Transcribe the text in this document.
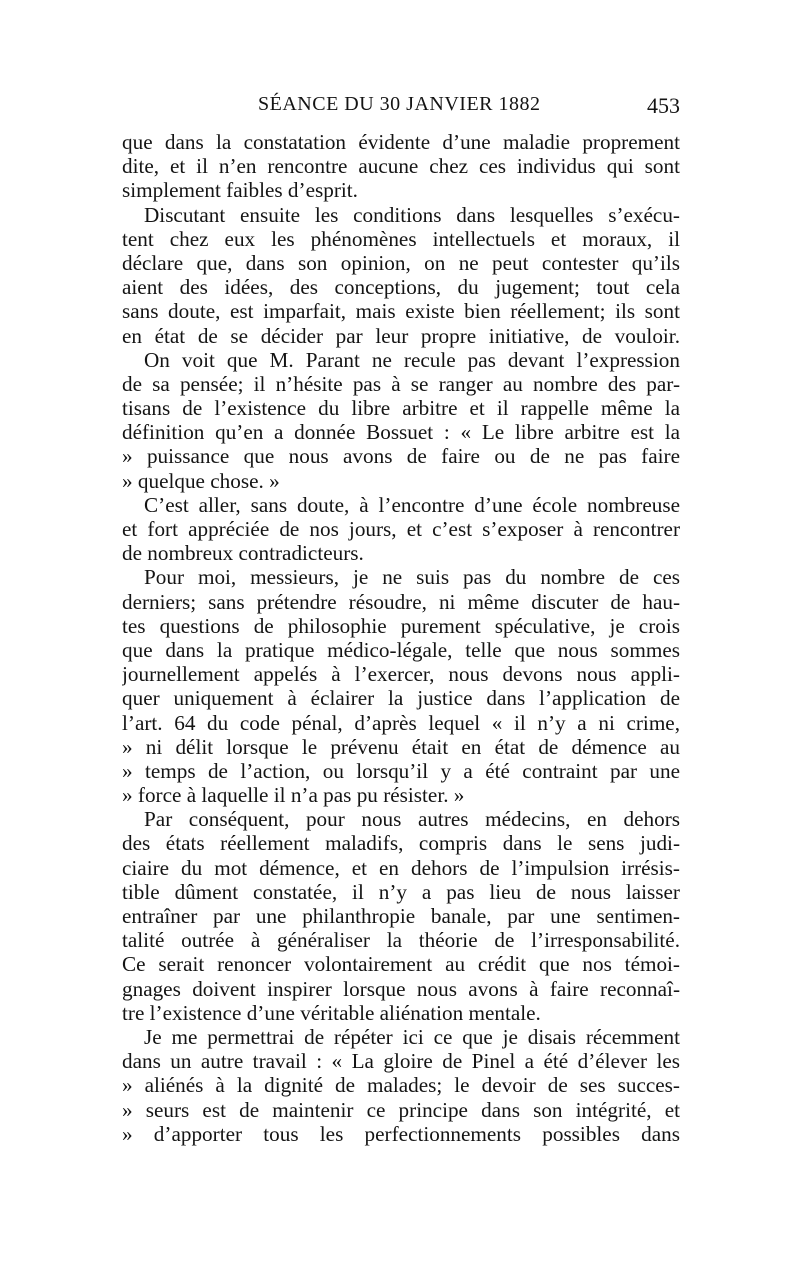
SÉANCE DU 30 JANVIER 1882	453
que dans la constatation évidente d’une maladie proprement
dite, et il n’en rencontre aucune chez ces individus qui sont
simplement faibles d’esprit.
Discutant ensuite les conditions dans lesquelles s’exécu-
tent chez eux les phénomènes intellectuels et moraux, il
déclare que, dans son opinion, on ne peut contester qu’ils
aient des idées, des conceptions, du jugement; tout cela
sans doute, est imparfait, mais existe bien réellement; ils sont
en état de se décider par leur propre initiative, de vouloir.
On voit que M. Parant ne recule pas devant l’expression
de sa pensée; il n’hésite pas à se ranger au nombre des par-
tisans de l’existence du libre arbitre et il rappelle même la
définition qu’en a donnée Bossuet : « Le libre arbitre est la
» puissance que nous avons de faire ou de ne pas faire
» quelque chose. »
C’est aller, sans doute, à l’encontre d’une école nombreuse
et fort appréciée de nos jours, et c’est s’exposer à rencontrer
de nombreux contradicteurs.
Pour moi, messieurs, je ne suis pas du nombre de ces
derniers; sans prétendre résoudre, ni même discuter de hau-
tes questions de philosophie purement spéculative, je crois
que dans la pratique médico-légale, telle que nous sommes
journellement appelés à l’exercer, nous devons nous appli-
quer uniquement à éclairer la justice dans l’application de
l’art. 64 du code pénal, d’après lequel « il n’y a ni crime,
» ni délit lorsque le prévenu était en état de démence au
» temps de l’action, ou lorsqu’il y a été contraint par une
» force à laquelle il n’a pas pu résister. »
Par conséquent, pour nous autres médecins, en dehors
des états réellement maladifs, compris dans le sens judi-
ciaire du mot démence, et en dehors de l’impulsion irrésis-
tible dûment constatée, il n’y a pas lieu de nous laisser
entraîner par une philanthropie banale, par une sentimen-
talité outrée à généraliser la théorie de l’irresponsabilité.
Ce serait renoncer volontairement au crédit que nos témoi-
gnages doivent inspirer lorsque nous avons à faire reconnaî-
tre l’existence d’une véritable aliénation mentale.
Je me permettrai de répéter ici ce que je disais récemment
dans un autre travail : « La gloire de Pinel a été d’élever les
» aliénés à la dignité de malades; le devoir de ses succes-
» seurs est de maintenir ce principe dans son intégrité, et
» d’apporter tous les perfectionnements possibles dans
